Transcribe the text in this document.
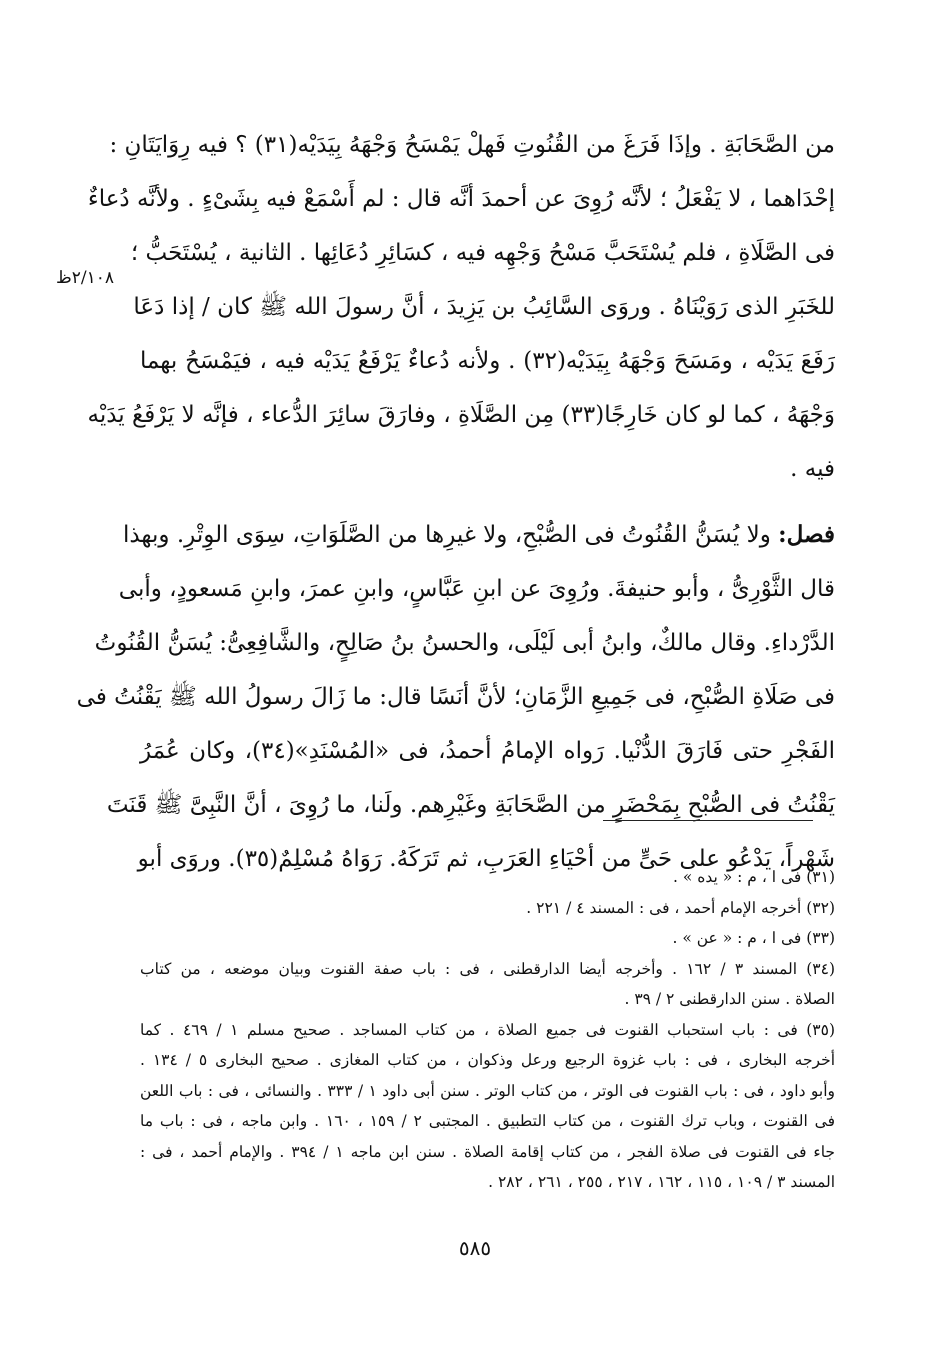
٢/١٠٨ظ
من الصَّحَابَةِ . وإذَا فَرَغَ من القُنُوتِ فَهلْ يَمْسَحُ وَجْهَهُ بِيَدَيْه(٣١) ؟ فيه رِوَايَتَانِ :
إحْدَاهما ، لا يَفْعَلُ ؛ لأنَّه رُوِىَ عن أحمدَ أنَّه قال : لم أَسْمَعْ فيه بِشَىْءٍ . ولأنَّه دُعاءٌ
فى الصَّلَاةِ ، فلم يُسْتَحَبَّ مَسْحُ وَجْهِه فيه ، كسَائِرِ دُعَائِها . الثانية ، يُسْتَحَبُّ ؛
للخَبَرِ الذى رَوَيْنَاهُ . وروَى السَّائِبُ بن يَزِيدَ ، أنَّ رسولَ الله ﷺ كان / إذا دَعَا
رَفَعَ يَدَيْه ، ومَسَحَ وَجْهَهُ بِيَدَيْه(٣٢) . ولأنه دُعاءٌ يَرْفَعُ يَدَيْه فيه ، فيَمْسَحُ بهما
وَجْهَهُ ، كما لو كان خَارِجًا(٣٣) مِن الصَّلَاةِ ، وفارَقَ سائِرَ الدُّعاء ، فإنَّه لا يَرْفَعُ يَدَيْه
فيه .
فصل: ولا يُسَنُّ القُنُوتُ فى الصُّبْحِ، ولا غيرِها من الصَّلَوَاتِ، سِوَى الوِتْرِ. وبهذا
قال الثَّوْرِىُّ ، وأبو حنيفةَ. ورُوِىَ عن ابنِ عَبَّاسٍ، وابنِ عمرَ، وابنِ مَسعودٍ، وأبى
الدَّرْداءِ. وقال مالكٌ، وابنُ أبى لَيْلَى، والحسنُ بنُ صَالِحٍ، والشَّافِعِىُّ: يُسَنُّ القُنُوتُ
فى صَلَاةِ الصُّبْحِ، فى جَمِيعِ الزَّمَانِ؛ لأنَّ أنَسًا قال: ما زَالَ رسولُ الله ﷺ يَقْنُتُ فى
الفَجْرِ حتى فَارَقَ الدُّنْيا. رَواه الإمامُ أحمدُ، فى «المُسْنَدِ»(٣٤)، وكان عُمَرُ
يَقْنُتُ فى الصُّبْحِ بِمَحْضَرٍ من الصَّحَابَةِ وغَيْرِهم. ولَنا، ما رُوِىَ ، أنَّ النَّبِىَّ ﷺ قَنَتَ
شَهْراً، يَدْعُو على حَىٍّ من أحْيَاءِ العَرَبِ، ثم تَرَكَهُ. رَوَاهُ مُسْلِمٌ(٣٥). وروَى أبو
(٣١) فى ا ، م : « يده » .
(٣٢) أخرجه الإمام أحمد ، فى : المسند ٤ / ٢٢١ .
(٣٣) فى ا ، م : « عن » .
(٣٤) المسند ٣ / ١٦٢ . وأخرجه أيضا الدارقطنى ، فى : باب صفة القنوت وبيان موضعه ، من كتاب
الصلاة . سنن الدارقطنى ٢ / ٣٩ .
(٣٥) فى : باب استحباب القنوت فى جميع الصلاة ، من كتاب المساجد . صحيح مسلم ١ / ٤٦٩ . كما
أخرجه البخارى ، فى : باب غزوة الرجيع ورعل وذكوان ، من كتاب المغازى . صحيح البخارى ٥ / ١٣٤ .
وأبو داود ، فى : باب القنوت فى الوتر ، من كتاب الوتر . سنن أبى داود ١ / ٣٣٣ . والنسائى ، فى : باب اللعن
فى القنوت ، وباب ترك القنوت ، من كتاب التطبيق . المجتبى ٢ / ١٥٩ ، ١٦٠ . وابن ماجه ، فى : باب ما
جاء فى القنوت فى صلاة الفجر ، من كتاب إقامة الصلاة . سنن ابن ماجه ١ / ٣٩٤ . والإمام أحمد ، فى :
المسند ٣ / ١٠٩ ، ١١٥ ، ١٦٢ ، ٢١٧ ، ٢٥٥ ، ٢٦١ ، ٢٨٢ .
٥٨٥
